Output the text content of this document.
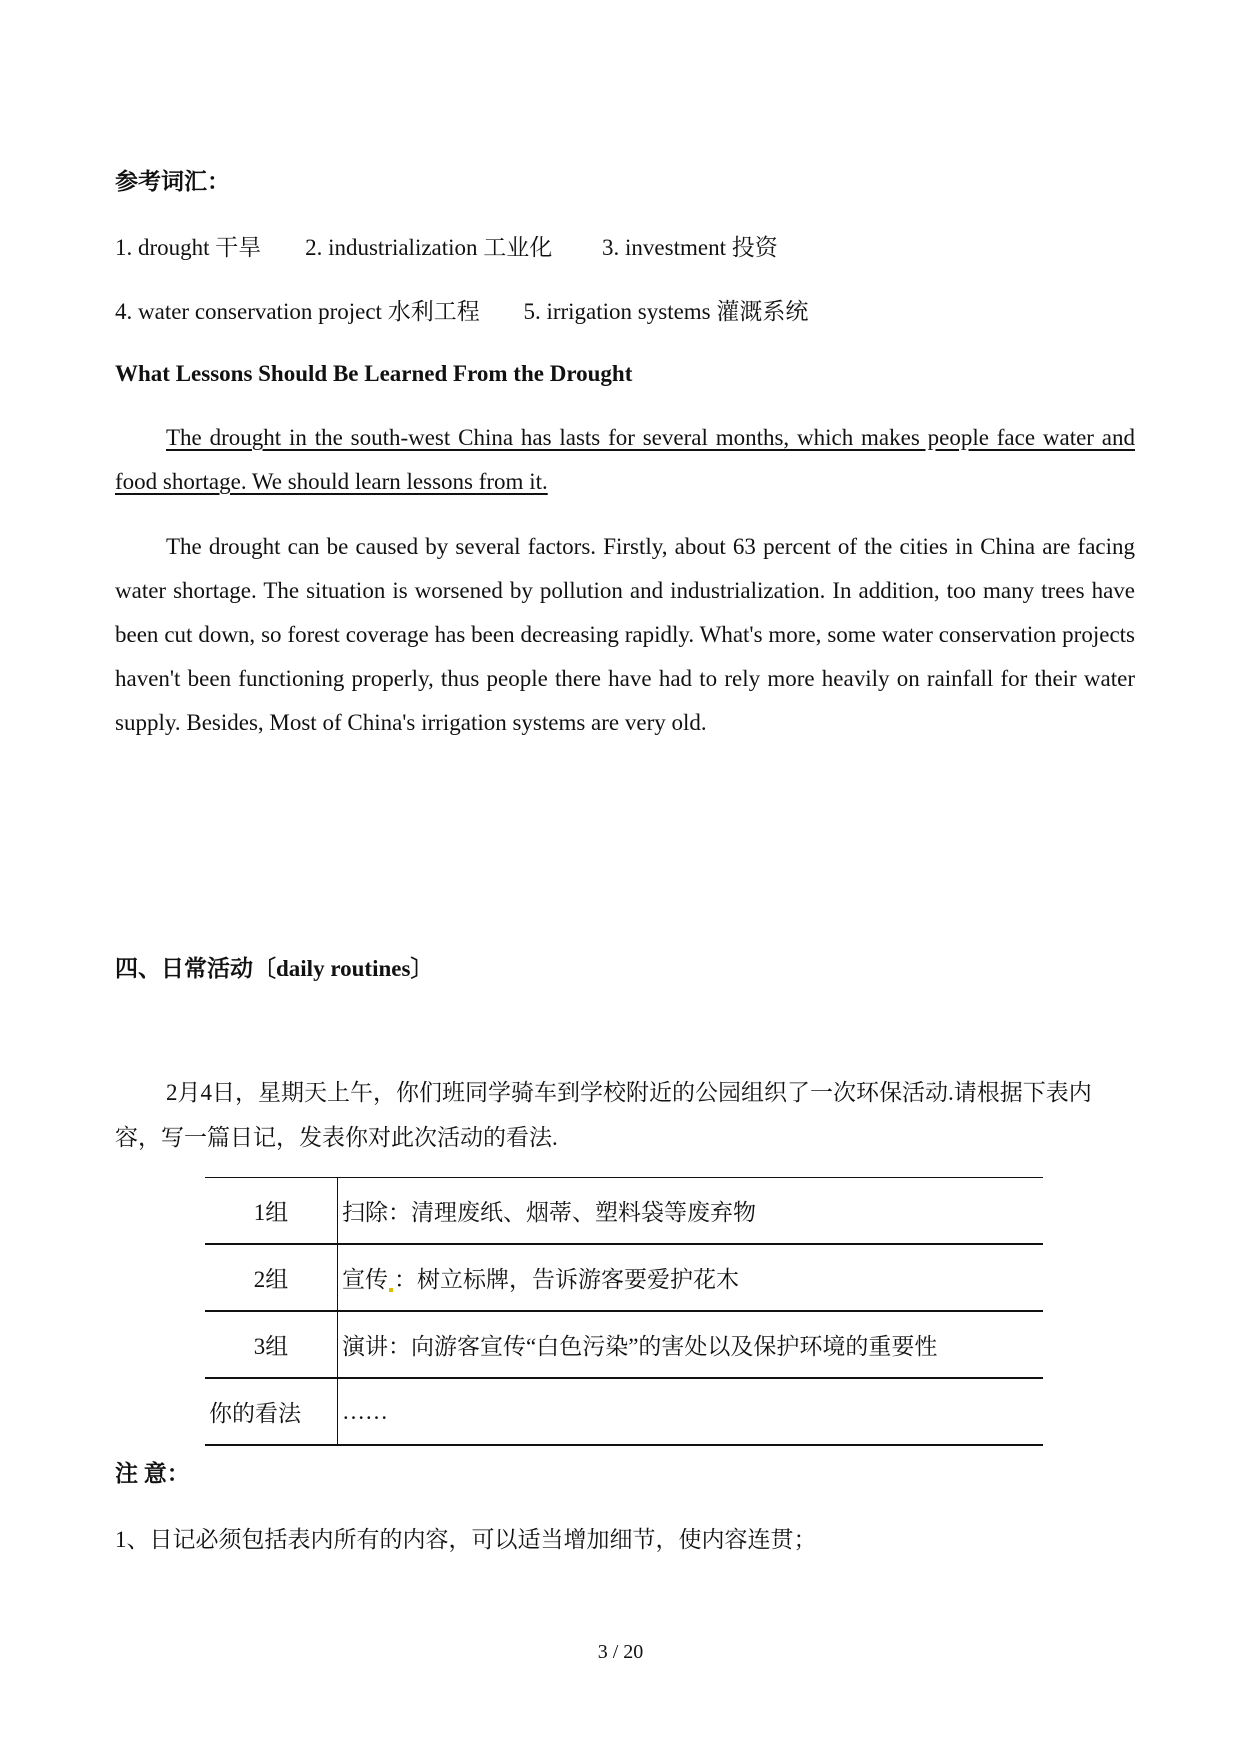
参考词汇：
1. drought 干旱 2. industrialization 工业化 3. investment 投资
4. water conservation project 水利工程 5. irrigation systems 灌溉系统
What Lessons Should Be Learned From the Drought
The drought in the south-west China has lasts for several months, which makes people face water and food shortage. We should learn lessons from it.
The drought can be caused by several factors. Firstly, about 63 percent of the cities in China are facing water shortage. The situation is worsened by pollution and industrialization. In addition, too many trees have been cut down, so forest coverage has been decreasing rapidly. What's more, some water conservation projects haven't been functioning properly, thus people there have had to rely more heavily on rainfall for their water supply. Besides, Most of China's irrigation systems are very old.
四、日常活动〔daily routines〕
2月4日，星期天上午，你们班同学骑车到学校附近的公园组织了一次环保活动.请根据下表内容，写一篇日记，发表你对此次活动的看法.
1组	扫除：清理废纸、烟蒂、塑料袋等废弃物
2组	宣传 ：树立标牌，告诉游客要爱护花木
3组	演讲：向游客宣传“白色污染”的害处以及保护环境的重要性
你的看法	……
注 意：
1、日记必须包括表内所有的内容，可以适当增加细节，使内容连贯；
3 / 20
